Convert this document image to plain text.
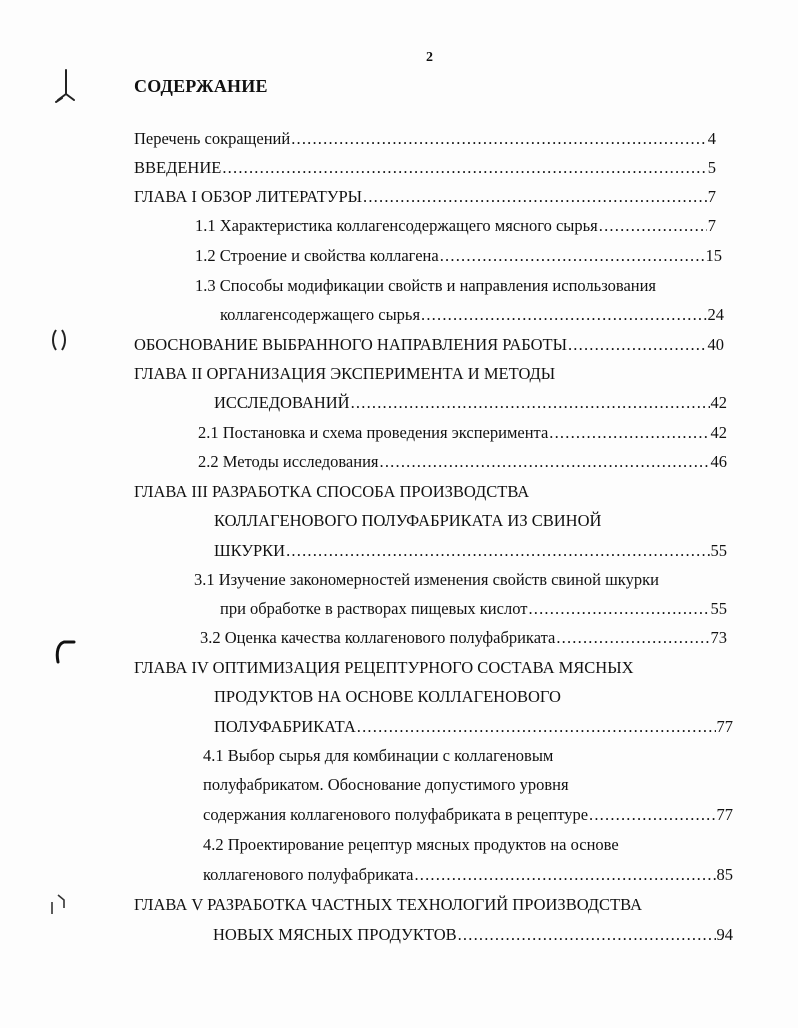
2
СОДЕРЖАНИЕ
Перечень сокращений .....	4
ВВЕДЕНИЕ .....	5
ГЛАВА I ОБЗОР ЛИТЕРАТУРЫ .....	7
1.1 Характеристика коллагенсодержащего мясного сырья .....	7
1.2 Строение и свойства коллагена .....	15
1.3 Способы модификации свойств и направления использования
коллагенсодержащего сырья .....	24
ОБОСНОВАНИЕ ВЫБРАННОГО НАПРАВЛЕНИЯ РАБОТЫ .....	40
ГЛАВА II ОРГАНИЗАЦИЯ ЭКСПЕРИМЕНТА И МЕТОДЫ
ИССЛЕДОВАНИЙ .....	42
2.1 Постановка и схема проведения эксперимента .....	42
2.2 Методы исследования .....	46
ГЛАВА III РАЗРАБОТКА СПОСОБА ПРОИЗВОДСТВА
КОЛЛАГЕНОВОГО ПОЛУФАБРИКАТА ИЗ СВИНОЙ
ШКУРКИ .....	55
3.1 Изучение закономерностей изменения свойств свиной шкурки
при обработке в растворах пищевых кислот .....	55
3.2 Оценка качества коллагенового полуфабриката .....	73
ГЛАВА IV ОПТИМИЗАЦИЯ РЕЦЕПТУРНОГО СОСТАВА МЯСНЫХ
ПРОДУКТОВ НА ОСНОВЕ КОЛЛАГЕНОВОГО
ПОЛУФАБРИКАТА .....	77
4.1 Выбор сырья для комбинации с коллагеновым
полуфабрикатом. Обоснование допустимого уровня
содержания коллагенового полуфабриката в рецептуре .....	77
4.2 Проектирование рецептур мясных продуктов на основе
коллагенового полуфабриката .....	85
ГЛАВА V РАЗРАБОТКА ЧАСТНЫХ ТЕХНОЛОГИЙ ПРОИЗВОДСТВА
НОВЫХ МЯСНЫХ ПРОДУКТОВ .....	94
